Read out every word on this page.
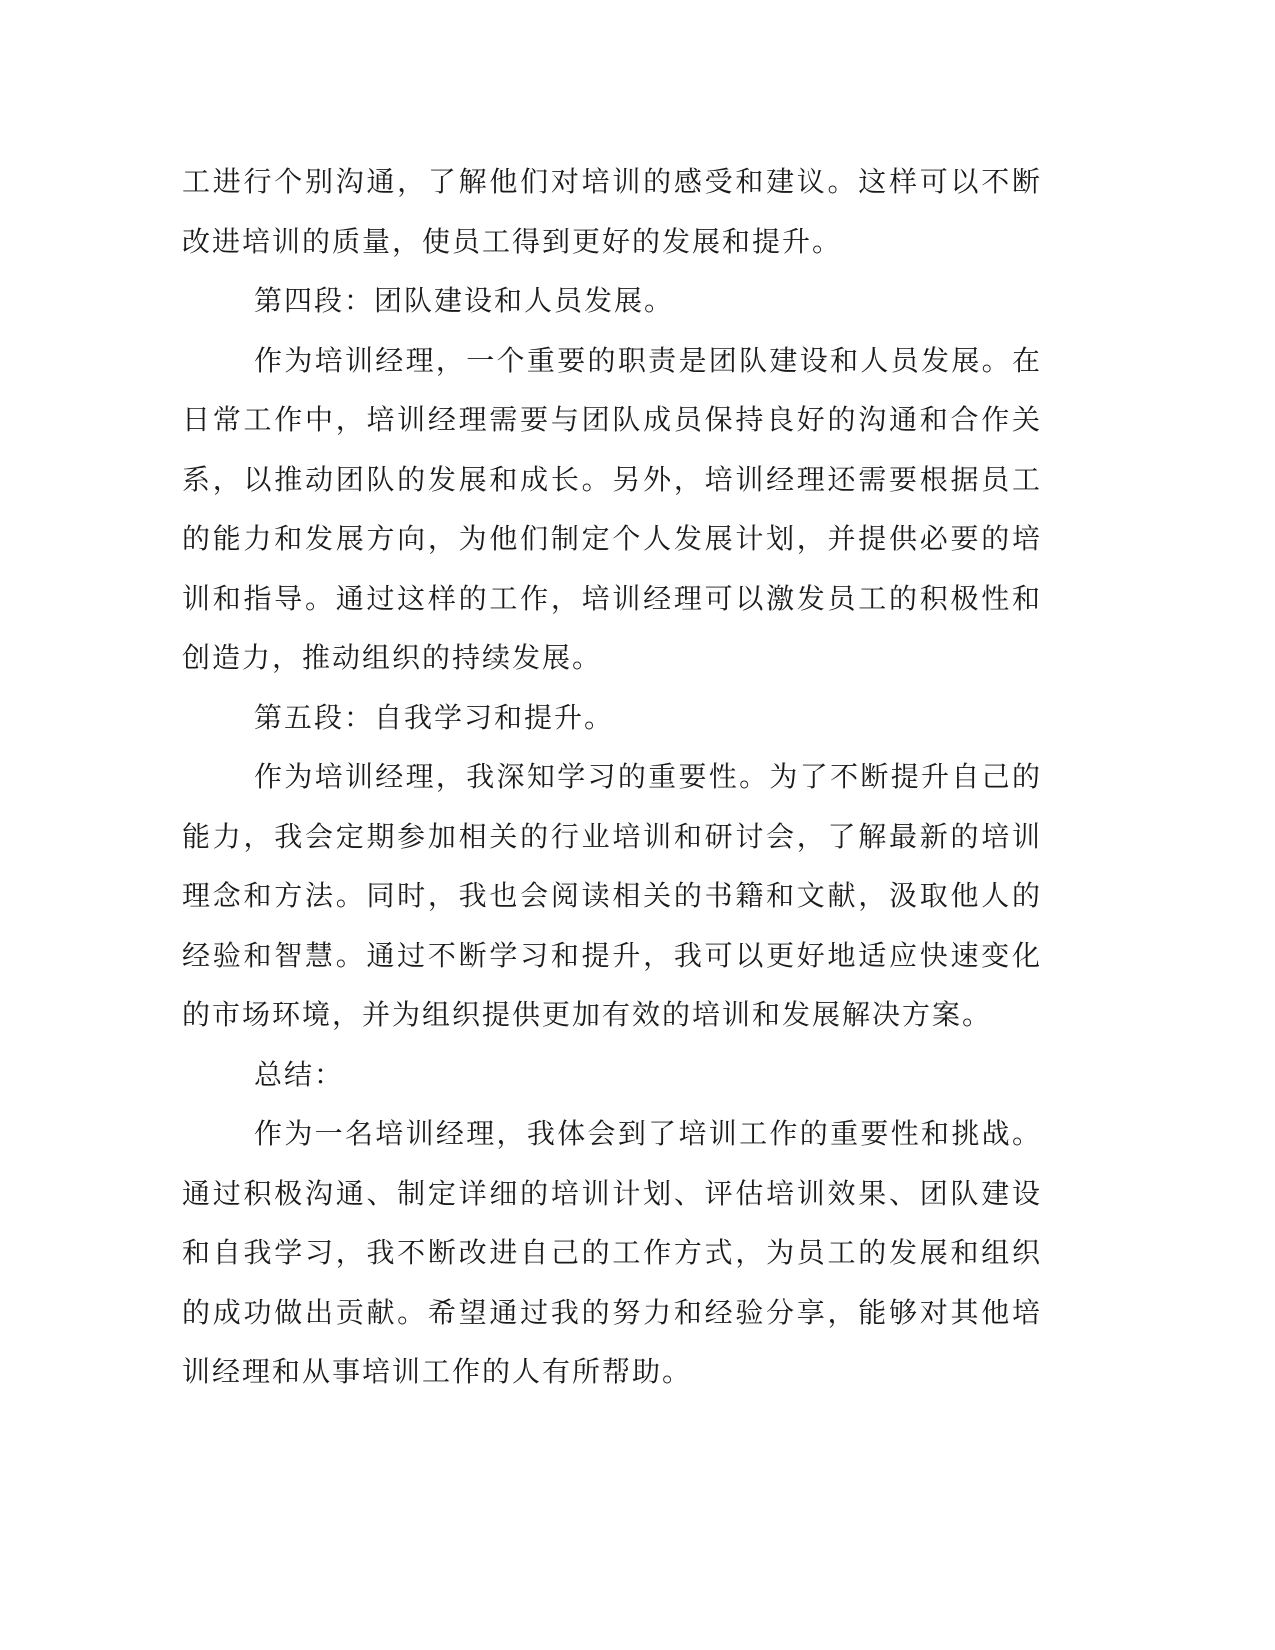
工进行个别沟通，了解他们对培训的感受和建议。这样可以不断改进培训的质量，使员工得到更好的发展和提升。

第四段：团队建设和人员发展。

作为培训经理，一个重要的职责是团队建设和人员发展。在日常工作中，培训经理需要与团队成员保持良好的沟通和合作关系，以推动团队的发展和成长。另外，培训经理还需要根据员工的能力和发展方向，为他们制定个人发展计划，并提供必要的培训和指导。通过这样的工作，培训经理可以激发员工的积极性和创造力，推动组织的持续发展。

第五段：自我学习和提升。

作为培训经理，我深知学习的重要性。为了不断提升自己的能力，我会定期参加相关的行业培训和研讨会，了解最新的培训理念和方法。同时，我也会阅读相关的书籍和文献，汲取他人的经验和智慧。通过不断学习和提升，我可以更好地适应快速变化的市场环境，并为组织提供更加有效的培训和发展解决方案。

总结：

作为一名培训经理，我体会到了培训工作的重要性和挑战。通过积极沟通、制定详细的培训计划、评估培训效果、团队建设和自我学习，我不断改进自己的工作方式，为员工的发展和组织的成功做出贡献。希望通过我的努力和经验分享，能够对其他培训经理和从事培训工作的人有所帮助。
